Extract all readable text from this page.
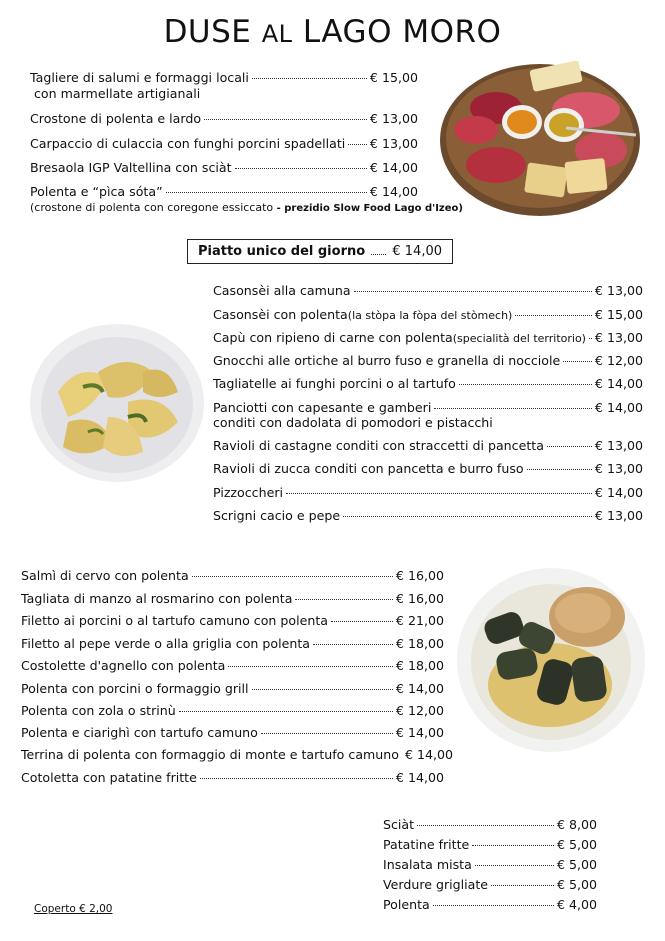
DUSE AL LAGO MORO
Tagliere di salumi e formaggi locali	€ 15,00
con marmellate artigianali
Crostone di polenta e lardo	€ 13,00
Carpaccio di culaccia con funghi porcini spadellati € 13,00
Bresaola IGP Valtellina con sciàt	€ 14,00
Polenta e “pìca sóta”	€ 14,00
(crostone di polenta con coregone essiccato - prezidio Slow Food Lago d'Izeo)
Piatto unico del giorno € 14,00
Casonsèi alla camuna	€ 13,00
Casonsèi con polenta (la stòpa la fòpa del stòmech)	€ 15,00
Capù con ripieno di carne con polenta (specialità del territorio) € 13,00
Gnocchi alle ortiche al burro fuso e granella di nocciole	€ 12,00
Tagliatelle ai funghi porcini o al tartufo	€ 14,00
Panciotti con capesante e gamberi	€ 14,00
conditi con dadolata di pomodori e pistacchi
Ravioli di castagne conditi con straccetti di pancetta	€ 13,00
Ravioli di zucca conditi con pancetta e burro fuso	€ 13,00
Pizzoccheri	€ 14,00
Scrigni cacio e pepe	€ 13,00
Salmì di cervo con polenta	€ 16,00
Tagliata di manzo al rosmarino con polenta	€ 16,00
Filetto ai porcini o al tartufo camuno con polenta	€ 21,00
Filetto al pepe verde o alla griglia con polenta	€ 18,00
Costolette d'agnello con polenta	€ 18,00
Polenta con porcini o formaggio grill	€ 14,00
Polenta con zola o strinù	€ 12,00
Polenta e ciarighì con tartufo camuno	€ 14,00
Terrina di polenta con formaggio di monte e tartufo camuno € 14,00
Cotoletta con patatine fritte	€ 14,00
Sciàt	€ 8,00
Patatine fritte	€ 5,00
Insalata mista	€ 5,00
Verdure grigliate	€ 5,00
Polenta	€ 4,00
Coperto € 2,00
